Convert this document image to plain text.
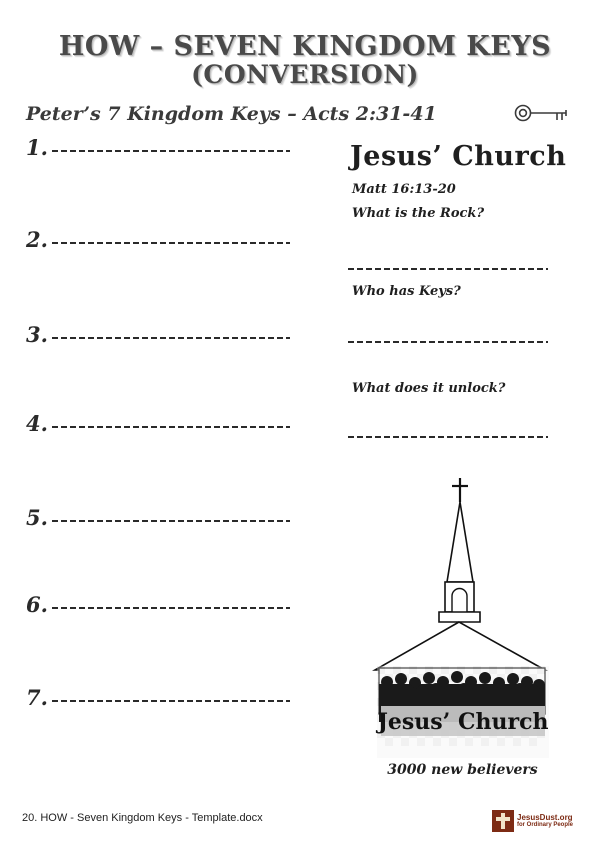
HOW – SEVEN KINGDOM KEYS
(CONVERSION)
Peter’s 7 Kingdom Keys – Acts 2:31-41
1.
2.
3.
4.
5.
6.
7.
Jesus’ Church
Matt 16:13-20
What is the Rock?
Who has Keys?
What does it unlock?
Jesus’ Church
3000 new believers
20. HOW - Seven Kingdom Keys - Template.docx	JesusDust.org
for Ordinary People
